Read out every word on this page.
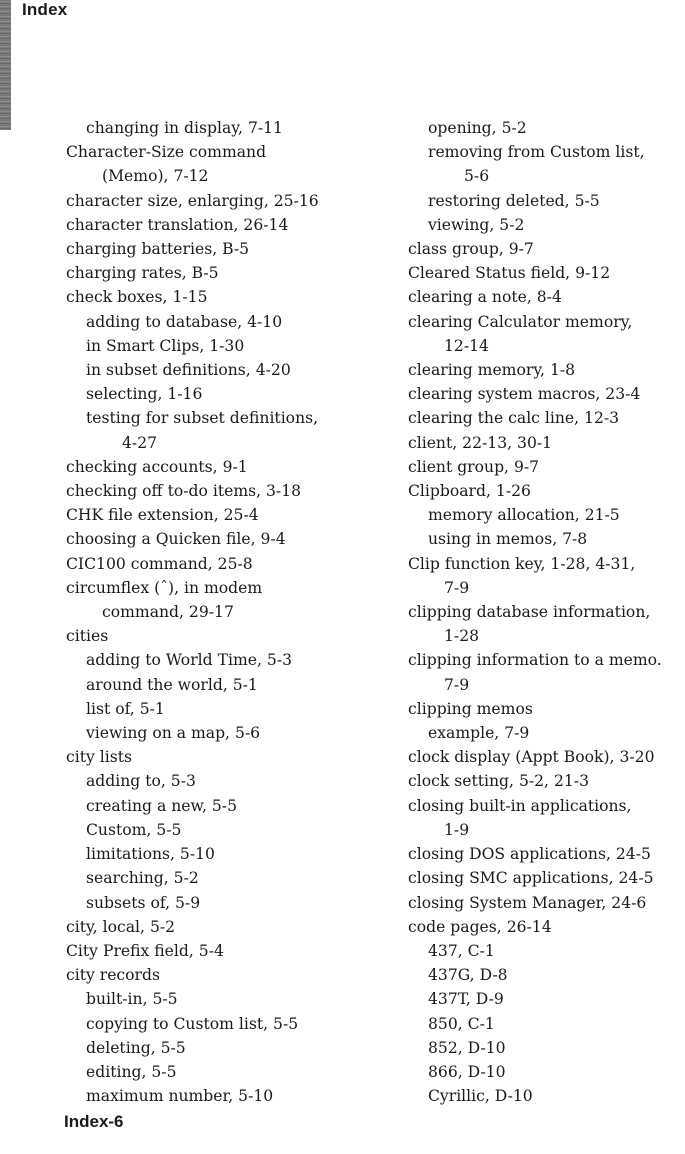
Index
changing in display, 7-11
Character-Size command
(Memo), 7-12
character size, enlarging, 25-16
character translation, 26-14
charging batteries, B-5
charging rates, B-5
check boxes, 1-15
adding to database, 4-10
in Smart Clips, 1-30
in subset definitions, 4-20
selecting, 1-16
testing for subset definitions,
4-27
checking accounts, 9-1
checking off to-do items, 3-18
CHK file extension, 25-4
choosing a Quicken file, 9-4
CIC100 command, 25-8
circumflex (ˆ), in modem
command, 29-17
cities
adding to World Time, 5-3
around the world, 5-1
list of, 5-1
viewing on a map, 5-6
city lists
adding to, 5-3
creating a new, 5-5
Custom, 5-5
limitations, 5-10
searching, 5-2
subsets of, 5-9
city, local, 5-2
City Prefix field, 5-4
city records
built-in, 5-5
copying to Custom list, 5-5
deleting, 5-5
editing, 5-5
maximum number, 5-10
opening, 5-2
removing from Custom list,
5-6
restoring deleted, 5-5
viewing, 5-2
class group, 9-7
Cleared Status field, 9-12
clearing a note, 8-4
clearing Calculator memory,
12-14
clearing memory, 1-8
clearing system macros, 23-4
clearing the calc line, 12-3
client, 22-13, 30-1
client group, 9-7
Clipboard, 1-26
memory allocation, 21-5
using in memos, 7-8
Clip function key, 1-28, 4-31,
7-9
clipping database information,
1-28
clipping information to a memo.
7-9
clipping memos
example, 7-9
clock display (Appt Book), 3-20
clock setting, 5-2, 21-3
closing built-in applications,
1-9
closing DOS applications, 24-5
closing SMC applications, 24-5
closing System Manager, 24-6
code pages, 26-14
437, C-1
437G, D-8
437T, D-9
850, C-1
852, D-10
866, D-10
Cyrillic, D-10
Index-6
